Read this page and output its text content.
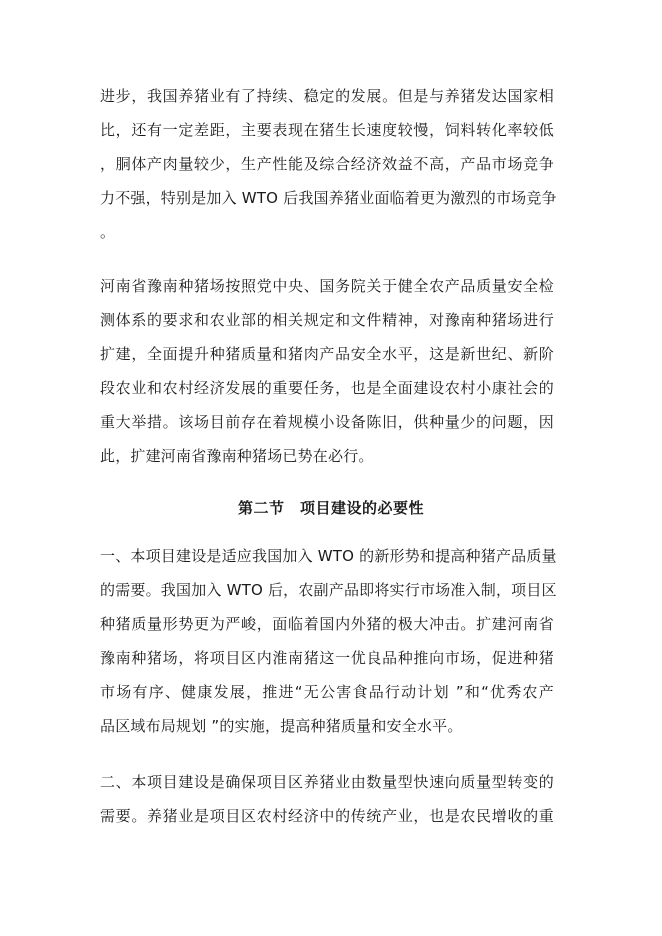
进步，我国养猪业有了持续、稳定的发展。但是与养猪发达国家相
比，还有一定差距，主要表现在猪生长速度较慢，饲料转化率较低
，胴体产肉量较少，生产性能及综合经济效益不高，产品市场竞争
力不强，特别是加入 WTO 后我国养猪业面临着更为激烈的市场竞争
。
河南省豫南种猪场按照党中央、国务院关于健全农产品质量安全检
测体系的要求和农业部的相关规定和文件精神，对豫南种猪场进行
扩建，全面提升种猪质量和猪肉产品安全水平，这是新世纪、新阶
段农业和农村经济发展的重要任务，也是全面建设农村小康社会的
重大举措。该场目前存在着规模小设备陈旧，供种量少的问题，因
此，扩建河南省豫南种猪场已势在必行。
第二节　项目建设的必要性
一、本项目建设是适应我国加入 WTO 的新形势和提高种猪产品质量
的需要。我国加入 WTO 后，农副产品即将实行市场准入制，项目区
种猪质量形势更为严峻，面临着国内外猪的极大冲击。扩建河南省
豫南种猪场，将项目区内淮南猪这一优良品种推向市场，促进种猪
市场有序、健康发展，推进“无公害食品行动计划 ”和“优秀农产
品区域布局规划 ”的实施，提高种猪质量和安全水平。
二、本项目建设是确保项目区养猪业由数量型快速向质量型转变的
需要。养猪业是项目区农村经济中的传统产业，也是农民增收的重
